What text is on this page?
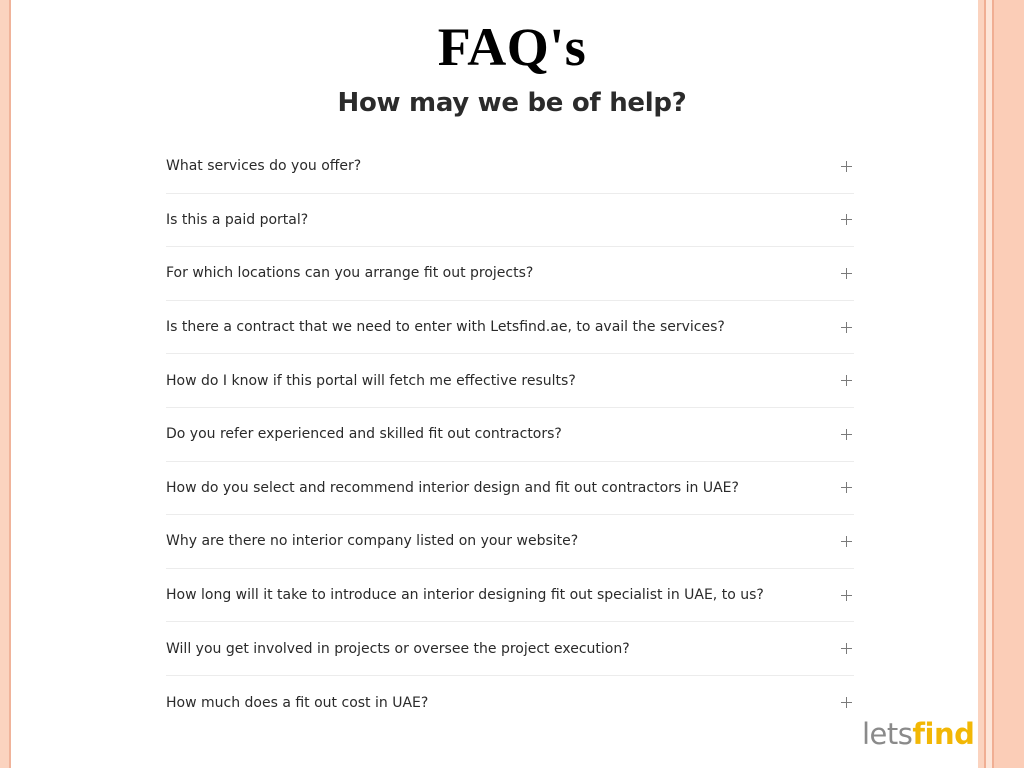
FAQ's
How may we be of help?
What services do you offer?
Is this a paid portal?
For which locations can you arrange fit out projects?
Is there a contract that we need to enter with Letsfind.ae, to avail the services?
How do I know if this portal will fetch me effective results?
Do you refer experienced and skilled fit out contractors?
How do you select and recommend interior design and fit out contractors in UAE?
Why are there no interior company listed on your website?
How long will it take to introduce an interior designing fit out specialist in UAE, to us?
Will you get involved in projects or oversee the project execution?
How much does a fit out cost in UAE?
letsfind
